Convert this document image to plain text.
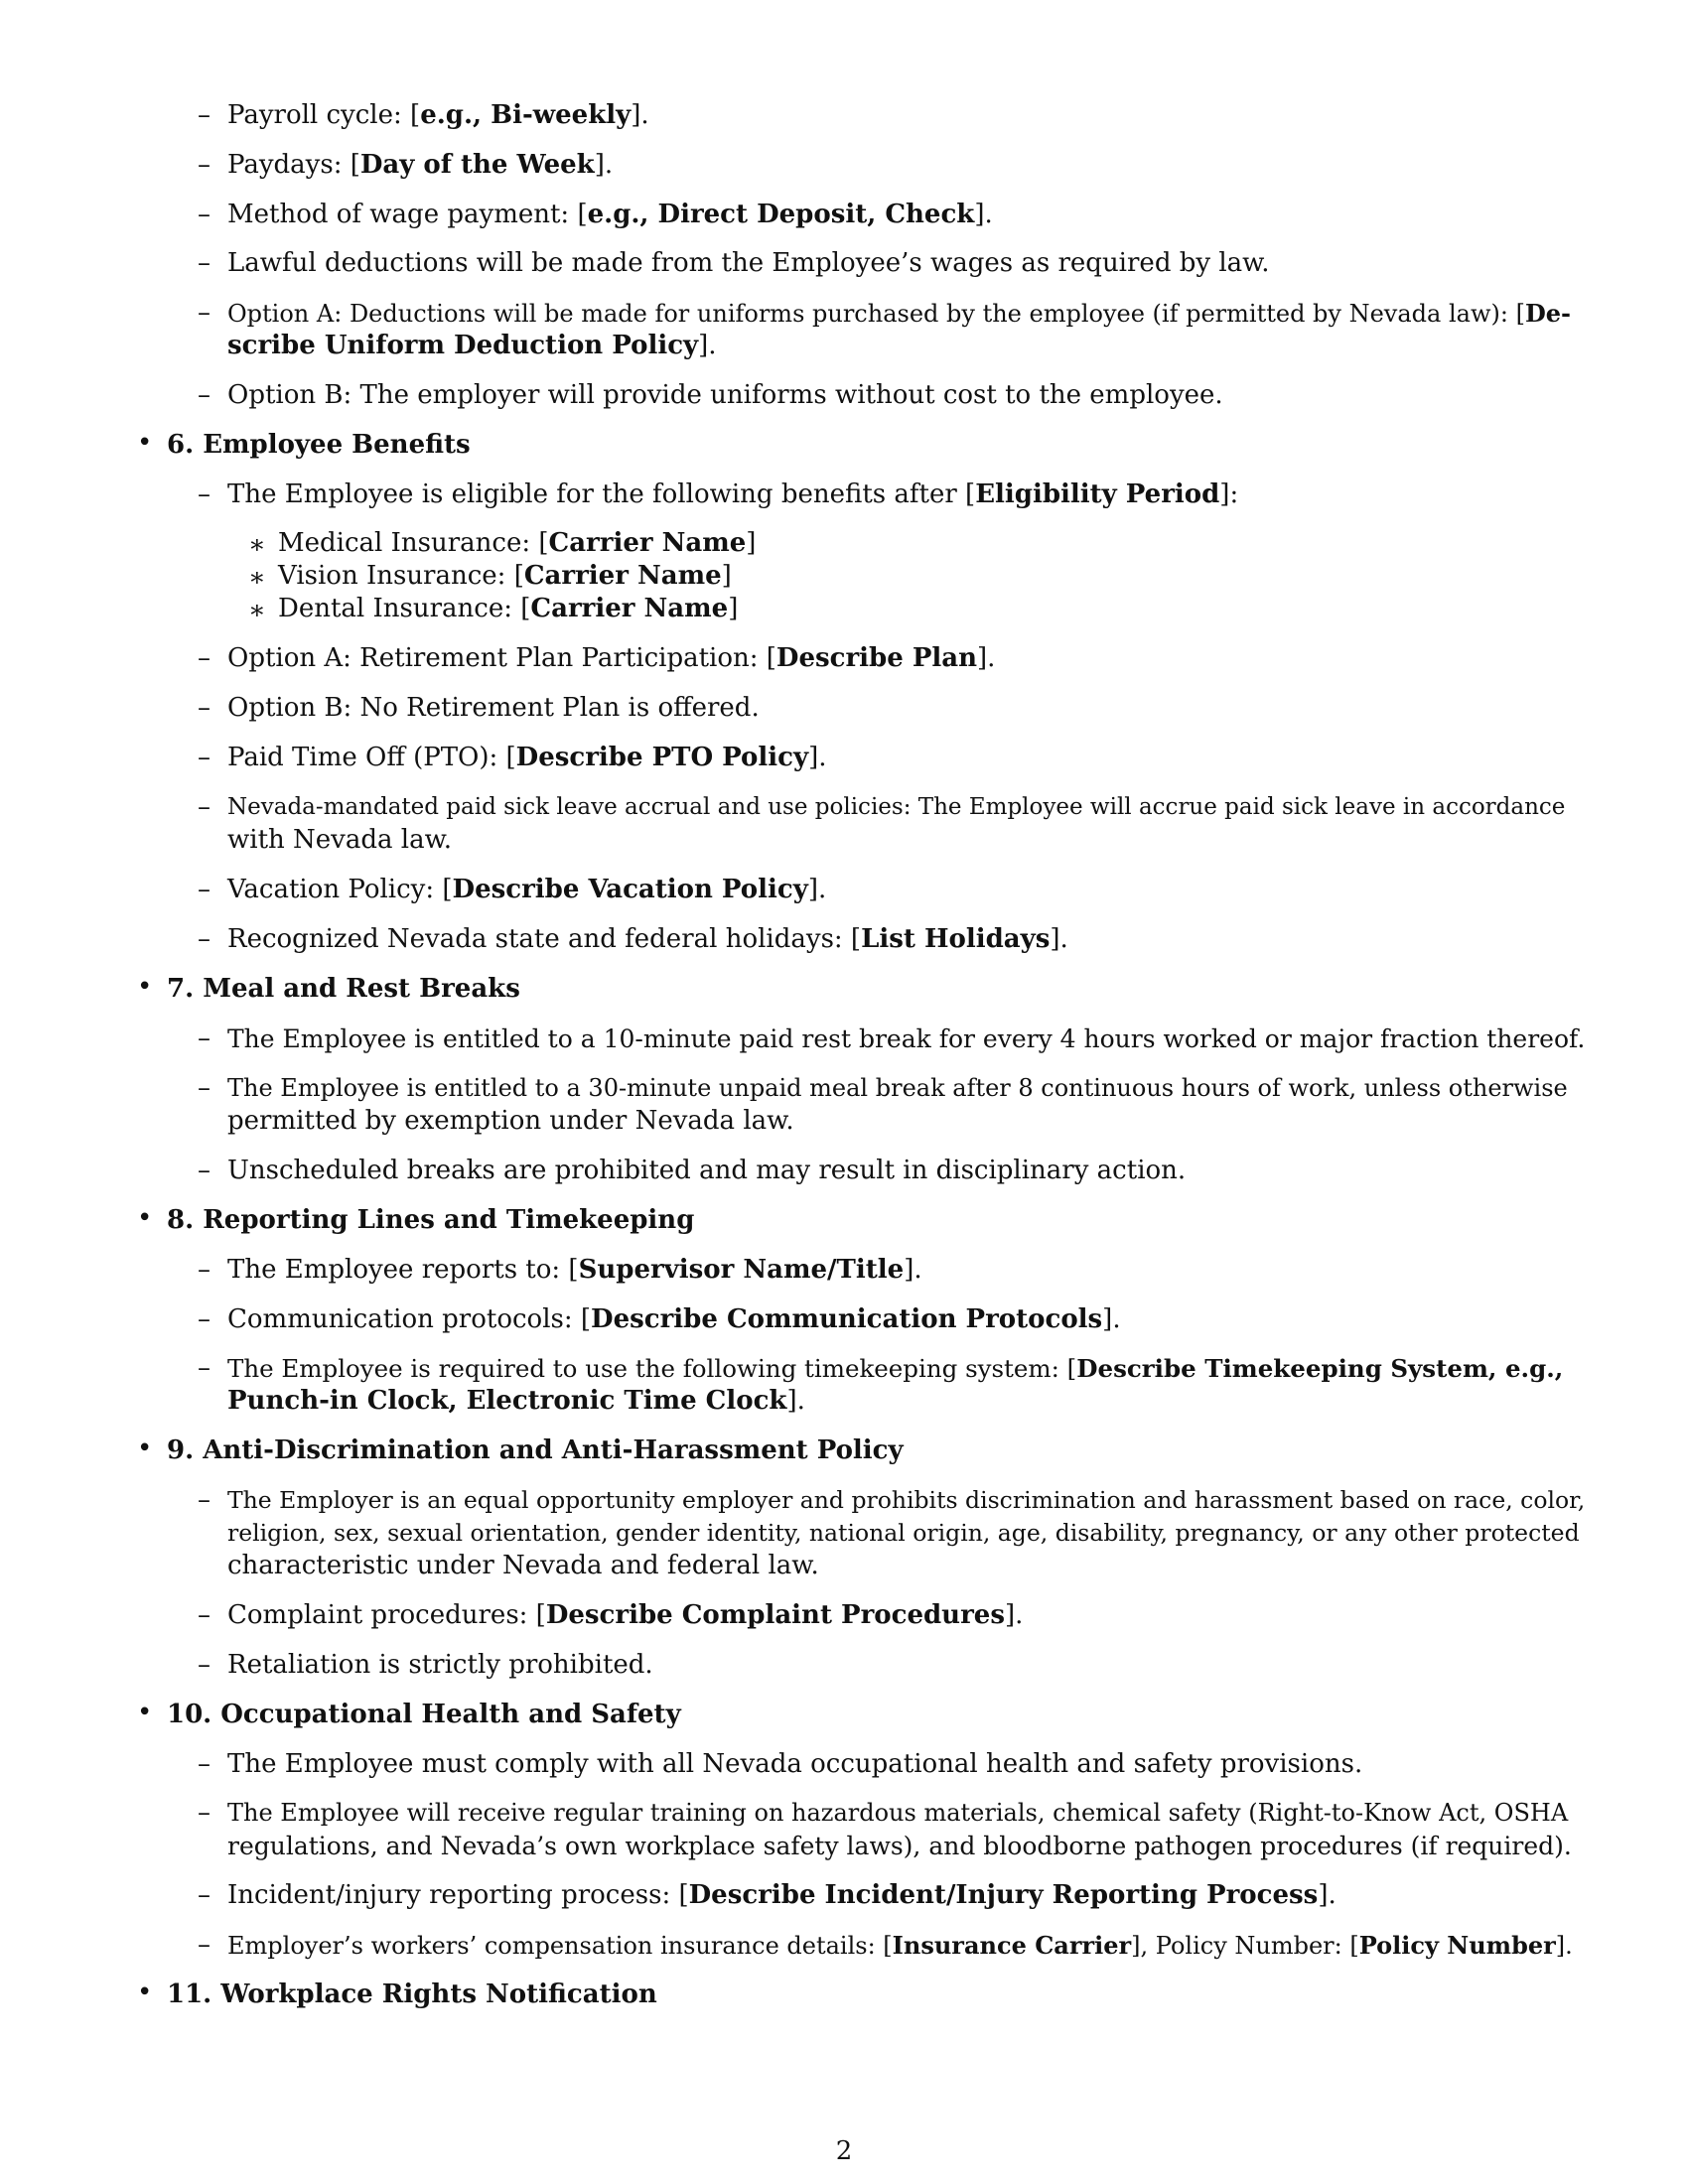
– Payroll cycle: [e.g., Bi-weekly].
– Paydays: [Day of the Week].
– Method of wage payment: [e.g., Direct Deposit, Check].
– Lawful deductions will be made from the Employee’s wages as required by law.
– Option A: Deductions will be made for uniforms purchased by the employee (if permitted by Nevada law): [De-
scribe Uniform Deduction Policy].
– Option B: The employer will provide uniforms without cost to the employee.
• 6. Employee Benefits
– The Employee is eligible for the following benefits after [Eligibility Period]:
∗ Medical Insurance: [Carrier Name]
∗ Vision Insurance: [Carrier Name]
∗ Dental Insurance: [Carrier Name]
– Option A: Retirement Plan Participation: [Describe Plan].
– Option B: No Retirement Plan is offered.
– Paid Time Off (PTO): [Describe PTO Policy].
– Nevada-mandated paid sick leave accrual and use policies: The Employee will accrue paid sick leave in accordance
with Nevada law.
– Vacation Policy: [Describe Vacation Policy].
– Recognized Nevada state and federal holidays: [List Holidays].
• 7. Meal and Rest Breaks
– The Employee is entitled to a 10-minute paid rest break for every 4 hours worked or major fraction thereof.
– The Employee is entitled to a 30-minute unpaid meal break after 8 continuous hours of work, unless otherwise
permitted by exemption under Nevada law.
– Unscheduled breaks are prohibited and may result in disciplinary action.
• 8. Reporting Lines and Timekeeping
– The Employee reports to: [Supervisor Name/Title].
– Communication protocols: [Describe Communication Protocols].
– The Employee is required to use the following timekeeping system: [Describe Timekeeping System, e.g.,
Punch-in Clock, Electronic Time Clock].
• 9. Anti-Discrimination and Anti-Harassment Policy
– The Employer is an equal opportunity employer and prohibits discrimination and harassment based on race, color,
religion, sex, sexual orientation, gender identity, national origin, age, disability, pregnancy, or any other protected
characteristic under Nevada and federal law.
– Complaint procedures: [Describe Complaint Procedures].
– Retaliation is strictly prohibited.
• 10. Occupational Health and Safety
– The Employee must comply with all Nevada occupational health and safety provisions.
– The Employee will receive regular training on hazardous materials, chemical safety (Right-to-Know Act, OSHA
regulations, and Nevada’s own workplace safety laws), and bloodborne pathogen procedures (if required).
– Incident/injury reporting process: [Describe Incident/Injury Reporting Process].
– Employer’s workers’ compensation insurance details: [Insurance Carrier], Policy Number: [Policy Number].
• 11. Workplace Rights Notification
2
